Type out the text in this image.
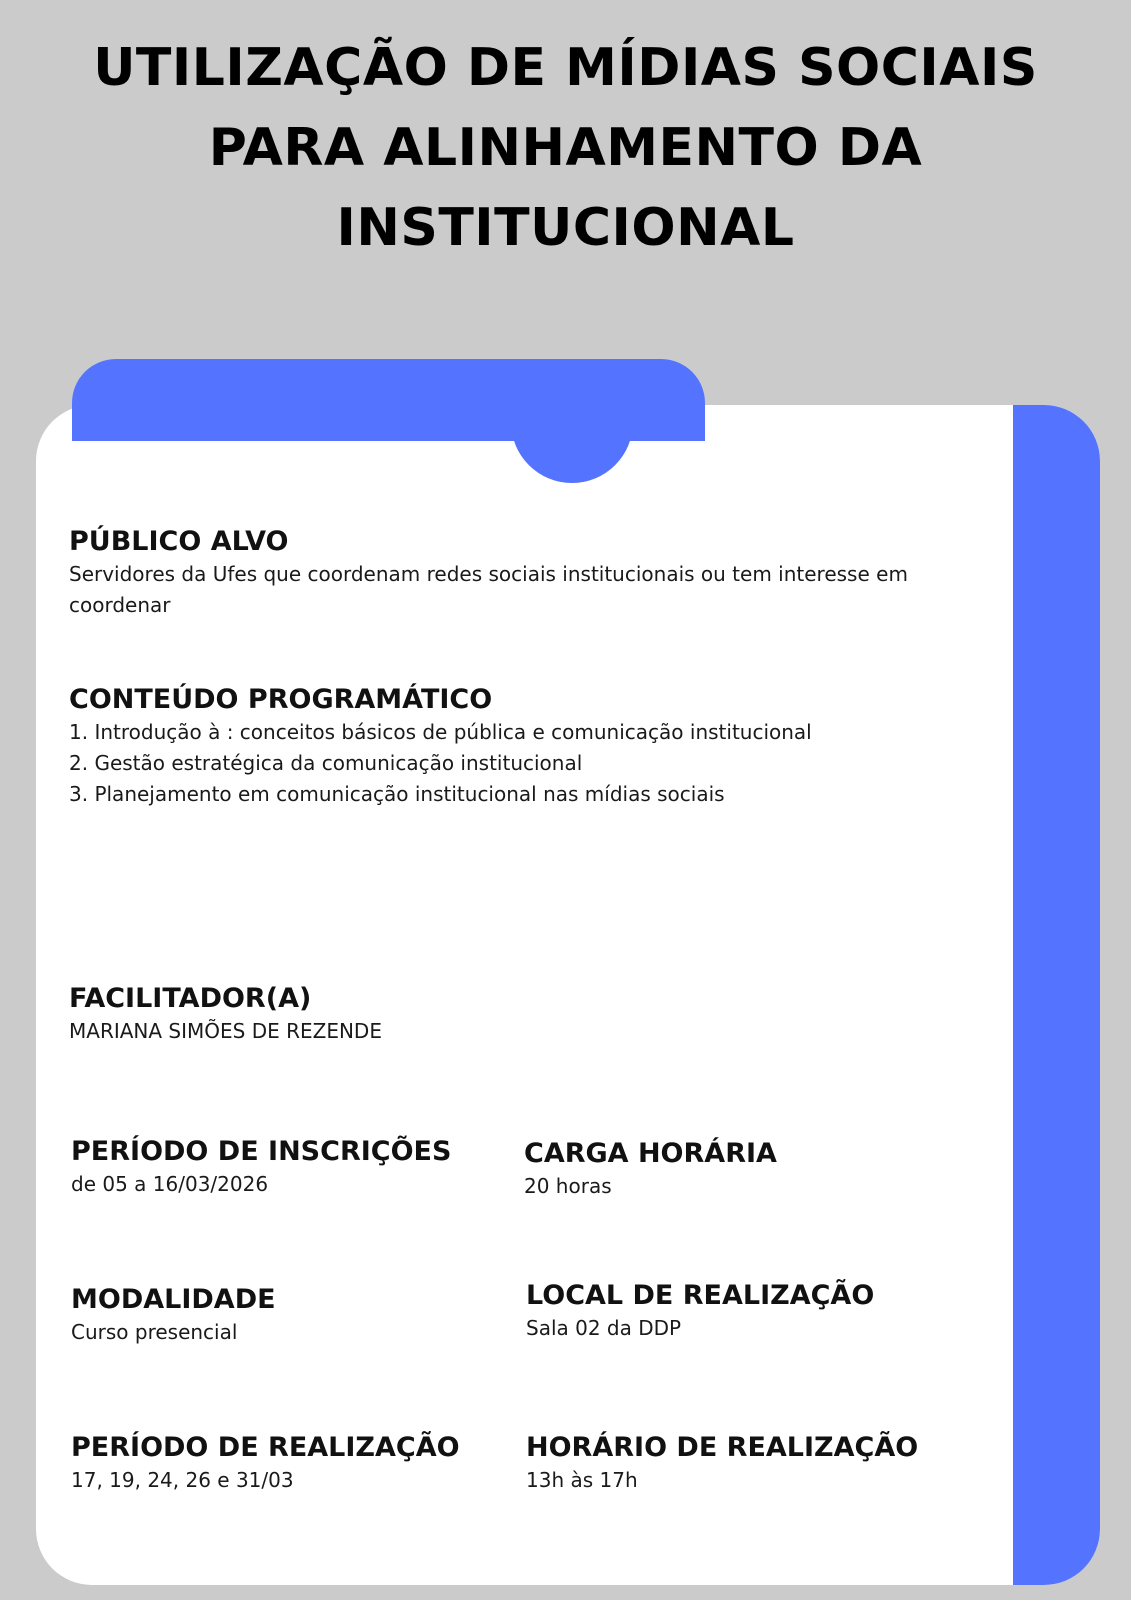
UTILIZAÇÃO DE MÍDIAS SOCIAIS PARA ALINHAMENTO DA INSTITUCIONAL
PÚBLICO ALVO
Servidores da Ufes que coordenam redes sociais institucionais ou tem interesse em coordenar
CONTEÚDO PROGRAMÁTICO
1. Introdução à : conceitos básicos de pública e comunicação institucional
2. Gestão estratégica da comunicação institucional
3. Planejamento em comunicação institucional nas mídias sociais
FACILITADOR(A)
MARIANA SIMÕES DE REZENDE
PERÍODO DE INSCRIÇÕES
de 05 a 16/03/2026
CARGA HORÁRIA
20 horas
MODALIDADE
Curso presencial
LOCAL DE REALIZAÇÃO
Sala 02 da DDP
PERÍODO DE REALIZAÇÃO
17, 19, 24, 26 e 31/03
HORÁRIO DE REALIZAÇÃO
13h às 17h
